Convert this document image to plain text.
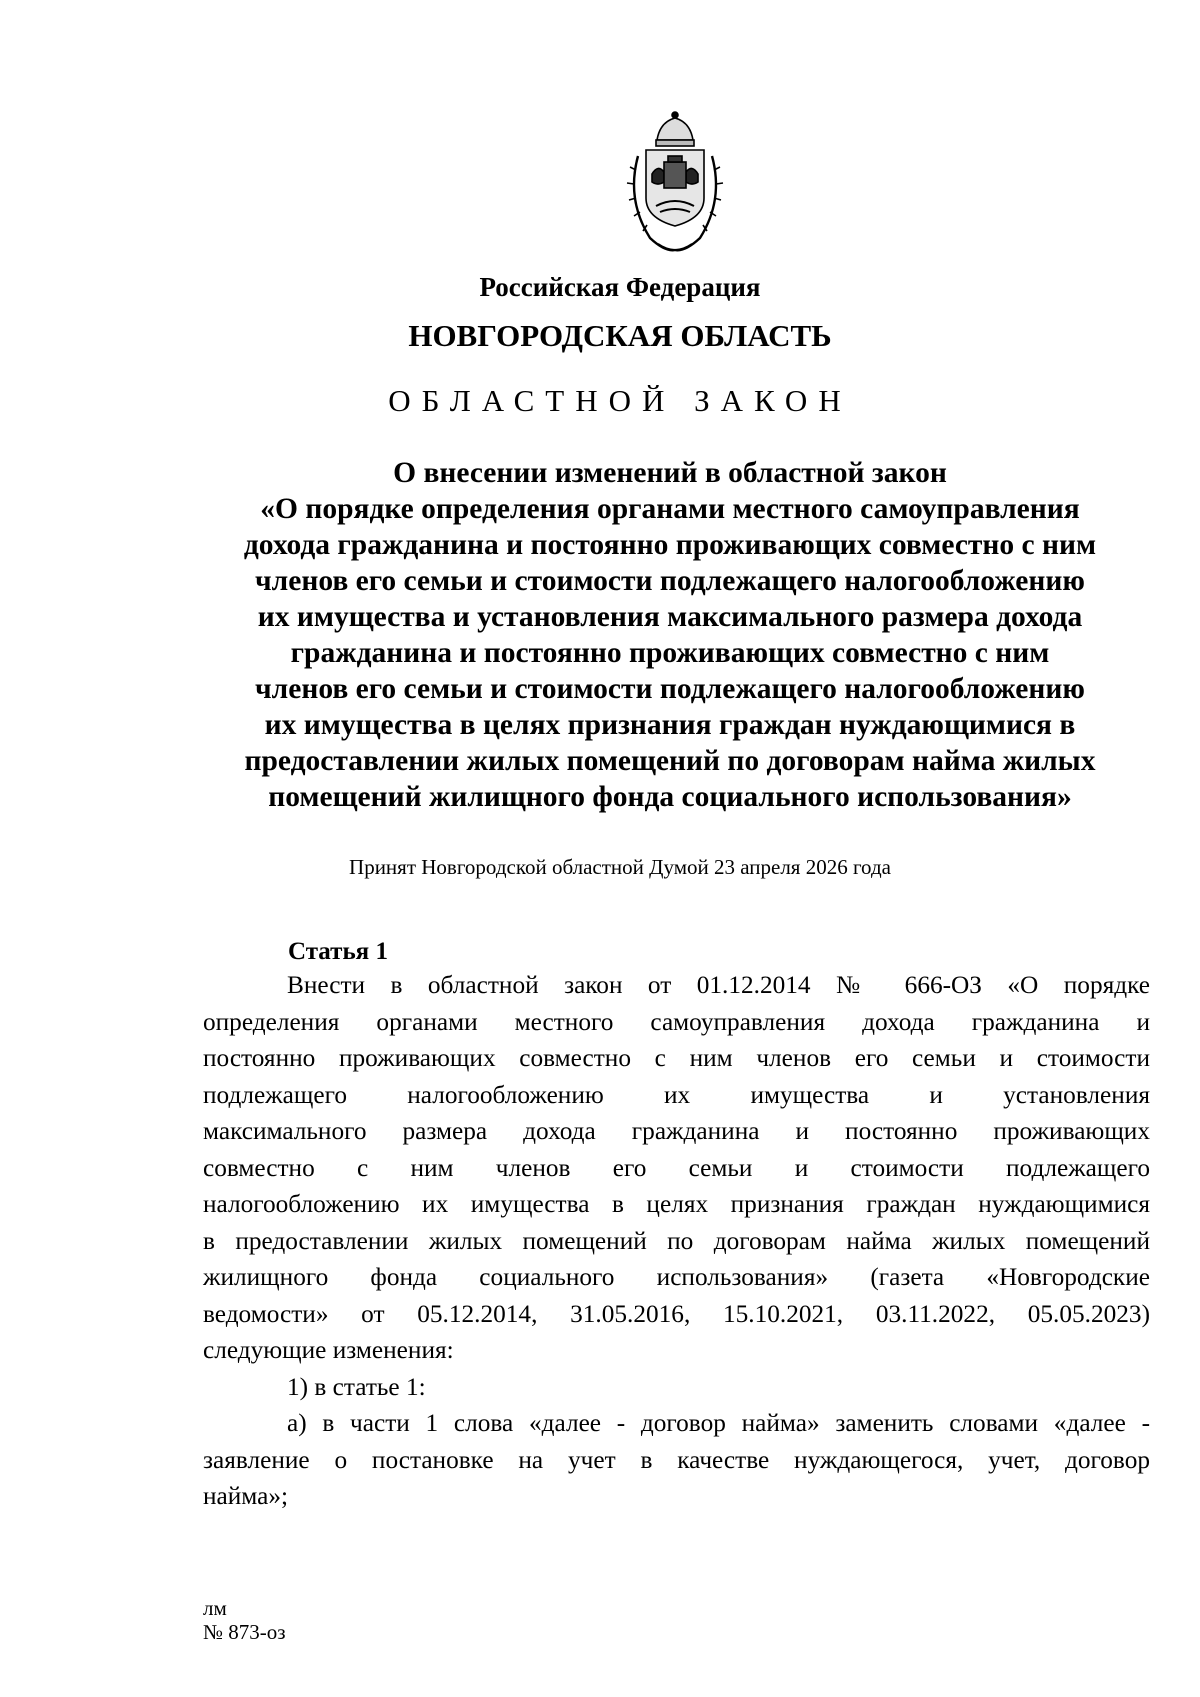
Российская Федерация
НОВГОРОДСКАЯ ОБЛАСТЬ
ОБЛАСТНОЙ ЗАКОН
О внесении изменений в областной закон
«О порядке определения органами местного самоуправления
дохода гражданина и постоянно проживающих совместно с ним
членов его семьи и стоимости подлежащего налогообложению
их имущества и установления максимального размера дохода
гражданина и постоянно проживающих совместно с ним
членов его семьи и стоимости подлежащего налогообложению
их имущества в целях признания граждан нуждающимися в
предоставлении жилых помещений по договорам найма жилых
помещений жилищного фонда социального использования»
Принят Новгородской областной Думой 23 апреля 2026 года
Статья 1
Внести в областной закон от 01.12.2014 № 666-ОЗ «О порядке
определения органами местного самоуправления дохода гражданина и
постоянно проживающих совместно с ним членов его семьи и стоимости
подлежащего налогообложению их имущества и установления
максимального размера дохода гражданина и постоянно проживающих
совместно с ним членов его семьи и стоимости подлежащего
налогообложению их имущества в целях признания граждан нуждающимися
в предоставлении жилых помещений по договорам найма жилых помещений
жилищного фонда социального использования» (газета «Новгородские
ведомости» от 05.12.2014, 31.05.2016, 15.10.2021, 03.11.2022, 05.05.2023)
следующие изменения:
1) в статье 1:
а) в части 1 слова «далее - договор найма» заменить словами «далее -
заявление о постановке на учет в качестве нуждающегося, учет, договор
найма»;
лм
№ 873-оз
